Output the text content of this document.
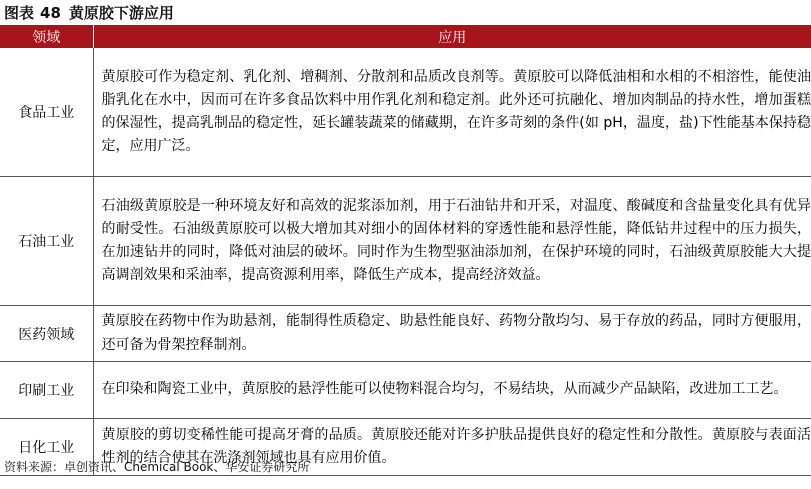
图表 48 黄原胶下游应用
领域	应用
食品工业	黄原胶可作为稳定剂、乳化剂、增稠剂、分散剂和品质改良剂等。黄原胶可以降低油相和水相的不相溶性，能使油脂乳化在水中，因而可在许多食品饮料中用作乳化剂和稳定剂。此外还可抗融化、增加肉制品的持水性，增加蛋糕的保湿性，提高乳制品的稳定性，延长罐装蔬菜的储藏期，在许多苛刻的条件(如 pH，温度，盐)下性能基本保持稳定，应用广泛。
石油工业	石油级黄原胶是一种环境友好和高效的泥浆添加剂，用于石油钻井和开采，对温度、酸碱度和含盐量变化具有优异的耐受性。石油级黄原胶可以极大增加其对细小的固体材料的穿透性能和悬浮性能，降低钻井过程中的压力损失，在加速钻井的同时，降低对油层的破坏。同时作为生物型驱油添加剂，在保护环境的同时，石油级黄原胶能大大提高调剖效果和采油率，提高资源利用率，降低生产成本，提高经济效益。
医药领域	黄原胶在药物中作为助悬剂，能制得性质稳定、助悬性能良好、药物分散均匀、易于存放的药品，同时方便服用，还可备为骨架控释制剂。
印刷工业	在印染和陶瓷工业中，黄原胶的悬浮性能可以使物料混合均匀，不易结块，从而减少产品缺陷，改进加工工艺。
日化工业	黄原胶的剪切变稀性能可提高牙膏的品质。黄原胶还能对许多护肤品提供良好的稳定性和分散性。黄原胶与表面活性剂的结合使其在洗涤剂领域也具有应用价值。
资料来源：卓创资讯、Chemical Book、华安证券研究所
